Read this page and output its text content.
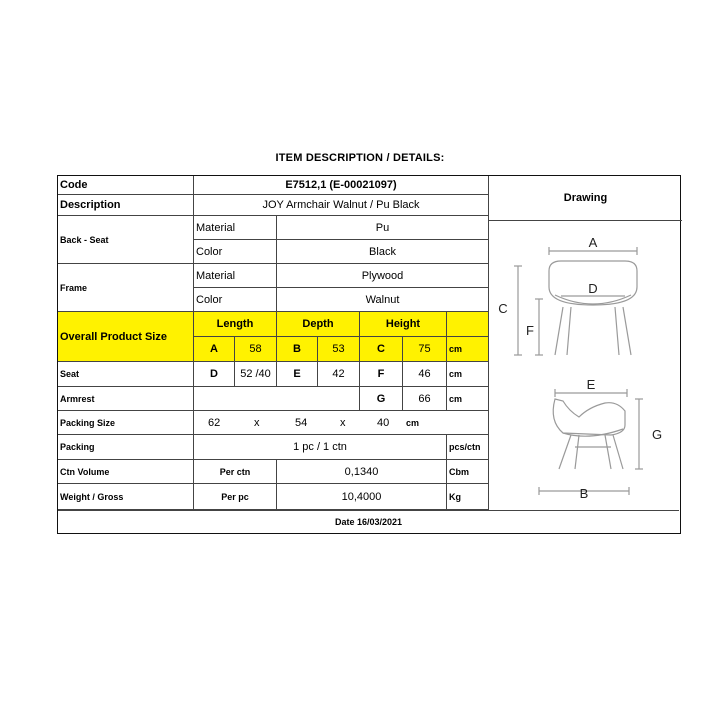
ITEM DESCRIPTION / DETAILS:
Code	E7512,1 (E-00021097)
Description	JOY Armchair Walnut / Pu Black
Back - Seat
Material	Pu
Color	Black
Frame
Material	Plywood
Color	Walnut
Overall Product Size
Length	Depth	Height
A	58	B	53	C	75	cm
Seat	D	52 /40	E	42	F	46	cm
Armrest	G	66	cm
Packing Size	62	x	54	x	40 cm
Packing	1 pc / 1 ctn	pcs/ctn
Ctn Volume	Per ctn	0,1340	Cbm
Weight / Gross	Per pc	10,4000	Kg
Drawing
A
C
D
F
E
G
B
Date 16/03/2021
